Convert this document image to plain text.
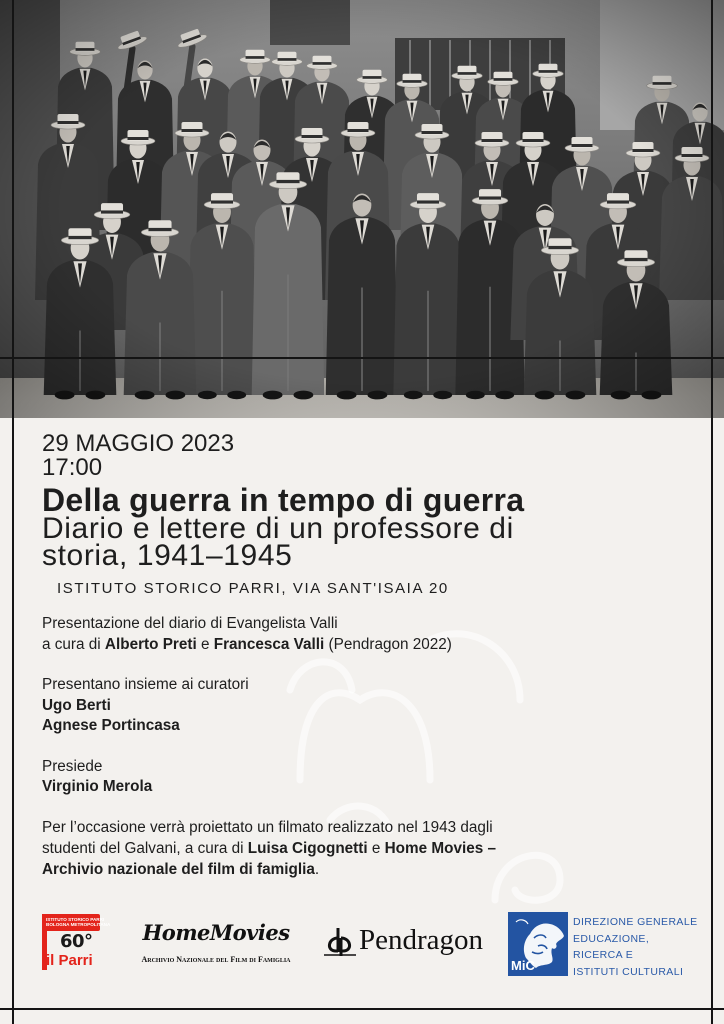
29 MAGGIO 2023
17:00
Della guerra in tempo di guerra
Diario e lettere di un professore di
storia, 1941–1945
ISTITUTO STORICO PARRI, VIA SANT'ISAIA 20
Presentazione del diario di Evangelista Valli
a cura di Alberto Preti e Francesca Valli (Pendragon 2022)
Presentano insieme ai curatori
Ugo Berti
Agnese Portincasa
Presiede
Virginio Merola
Per l’occasione verrà proiettato un filmato realizzato nel 1943 dagli
studenti del Galvani, a cura di Luisa Cigognetti e Home Movies –
Archivio nazionale del film di famiglia.
ISTITUTO STORICO PARRI
BOLOGNA METROPOLITANA
60°
il Parri
HomeMovies
Archivio Nazionale del Film di Famiglia
Pendragon
MiC
DIREZIONE GENERALE
EDUCAZIONE,
RICERCA E
ISTITUTI CULTURALI
